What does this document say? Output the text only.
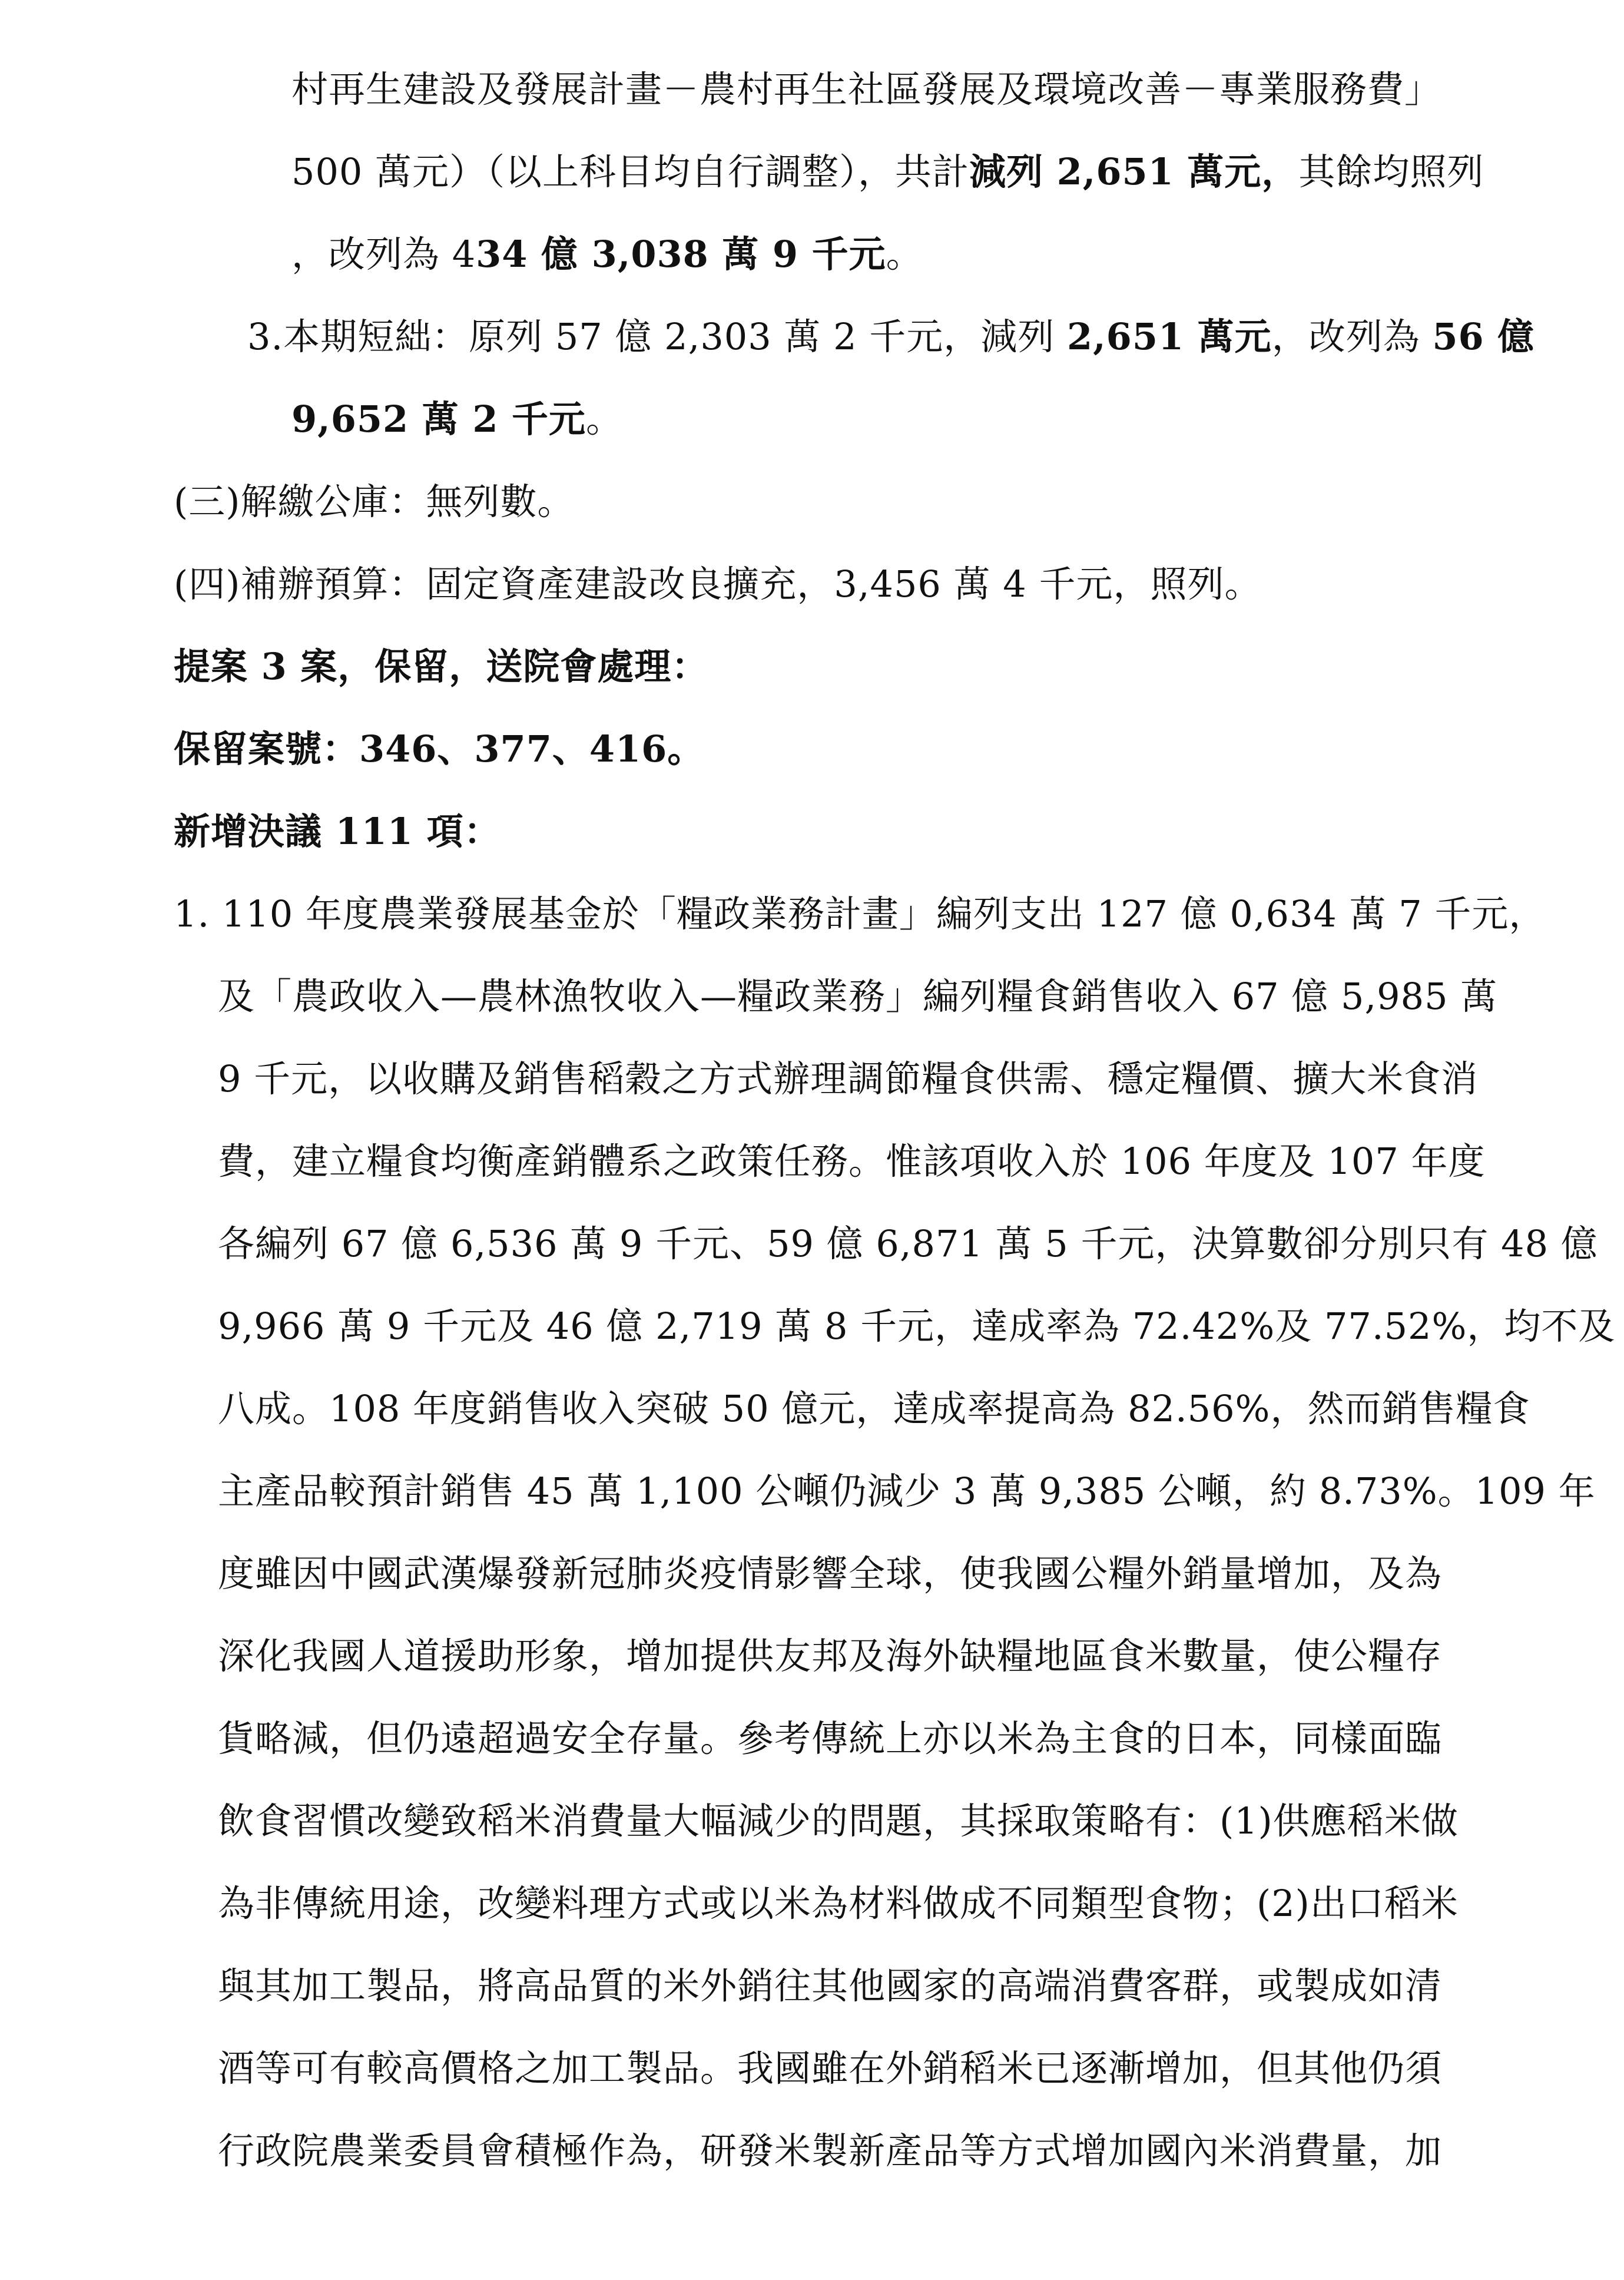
村再生建設及發展計畫－農村再生社區發展及環境改善－專業服務費」
500 萬元）（以上科目均自行調整），共計減列 2,651 萬元，其餘均照列
，改列為 434 億 3,038 萬 9 千元。
3.本期短絀：原列 57 億 2,303 萬 2 千元，減列 2,651 萬元，改列為 56 億
9,652 萬 2 千元。
(三)解繳公庫：無列數。
(四)補辦預算：固定資產建設改良擴充，3,456 萬 4 千元，照列。
提案 3 案，保留，送院會處理：
保留案號：346、377、416。
新增決議 111 項：
1. 110 年度農業發展基金於「糧政業務計畫」編列支出 127 億 0,634 萬 7 千元，
及「農政收入—農林漁牧收入—糧政業務」編列糧食銷售收入 67 億 5,985 萬
9 千元，以收購及銷售稻穀之方式辦理調節糧食供需、穩定糧價、擴大米食消
費，建立糧食均衡產銷體系之政策任務。惟該項收入於 106 年度及 107 年度
各編列 67 億 6,536 萬 9 千元、59 億 6,871 萬 5 千元，決算數卻分別只有 48 億
9,966 萬 9 千元及 46 億 2,719 萬 8 千元，達成率為 72.42%及 77.52%，均不及
八成。108 年度銷售收入突破 50 億元，達成率提高為 82.56%，然而銷售糧食
主產品較預計銷售 45 萬 1,100 公噸仍減少 3 萬 9,385 公噸，約 8.73%。109 年
度雖因中國武漢爆發新冠肺炎疫情影響全球，使我國公糧外銷量增加，及為
深化我國人道援助形象，增加提供友邦及海外缺糧地區食米數量，使公糧存
貨略減，但仍遠超過安全存量。參考傳統上亦以米為主食的日本，同樣面臨
飲食習慣改變致稻米消費量大幅減少的問題，其採取策略有：(1)供應稻米做
為非傳統用途，改變料理方式或以米為材料做成不同類型食物；(2)出口稻米
與其加工製品，將高品質的米外銷往其他國家的高端消費客群，或製成如清
酒等可有較高價格之加工製品。我國雖在外銷稻米已逐漸增加，但其他仍須
行政院農業委員會積極作為，研發米製新產品等方式增加國內米消費量，加
